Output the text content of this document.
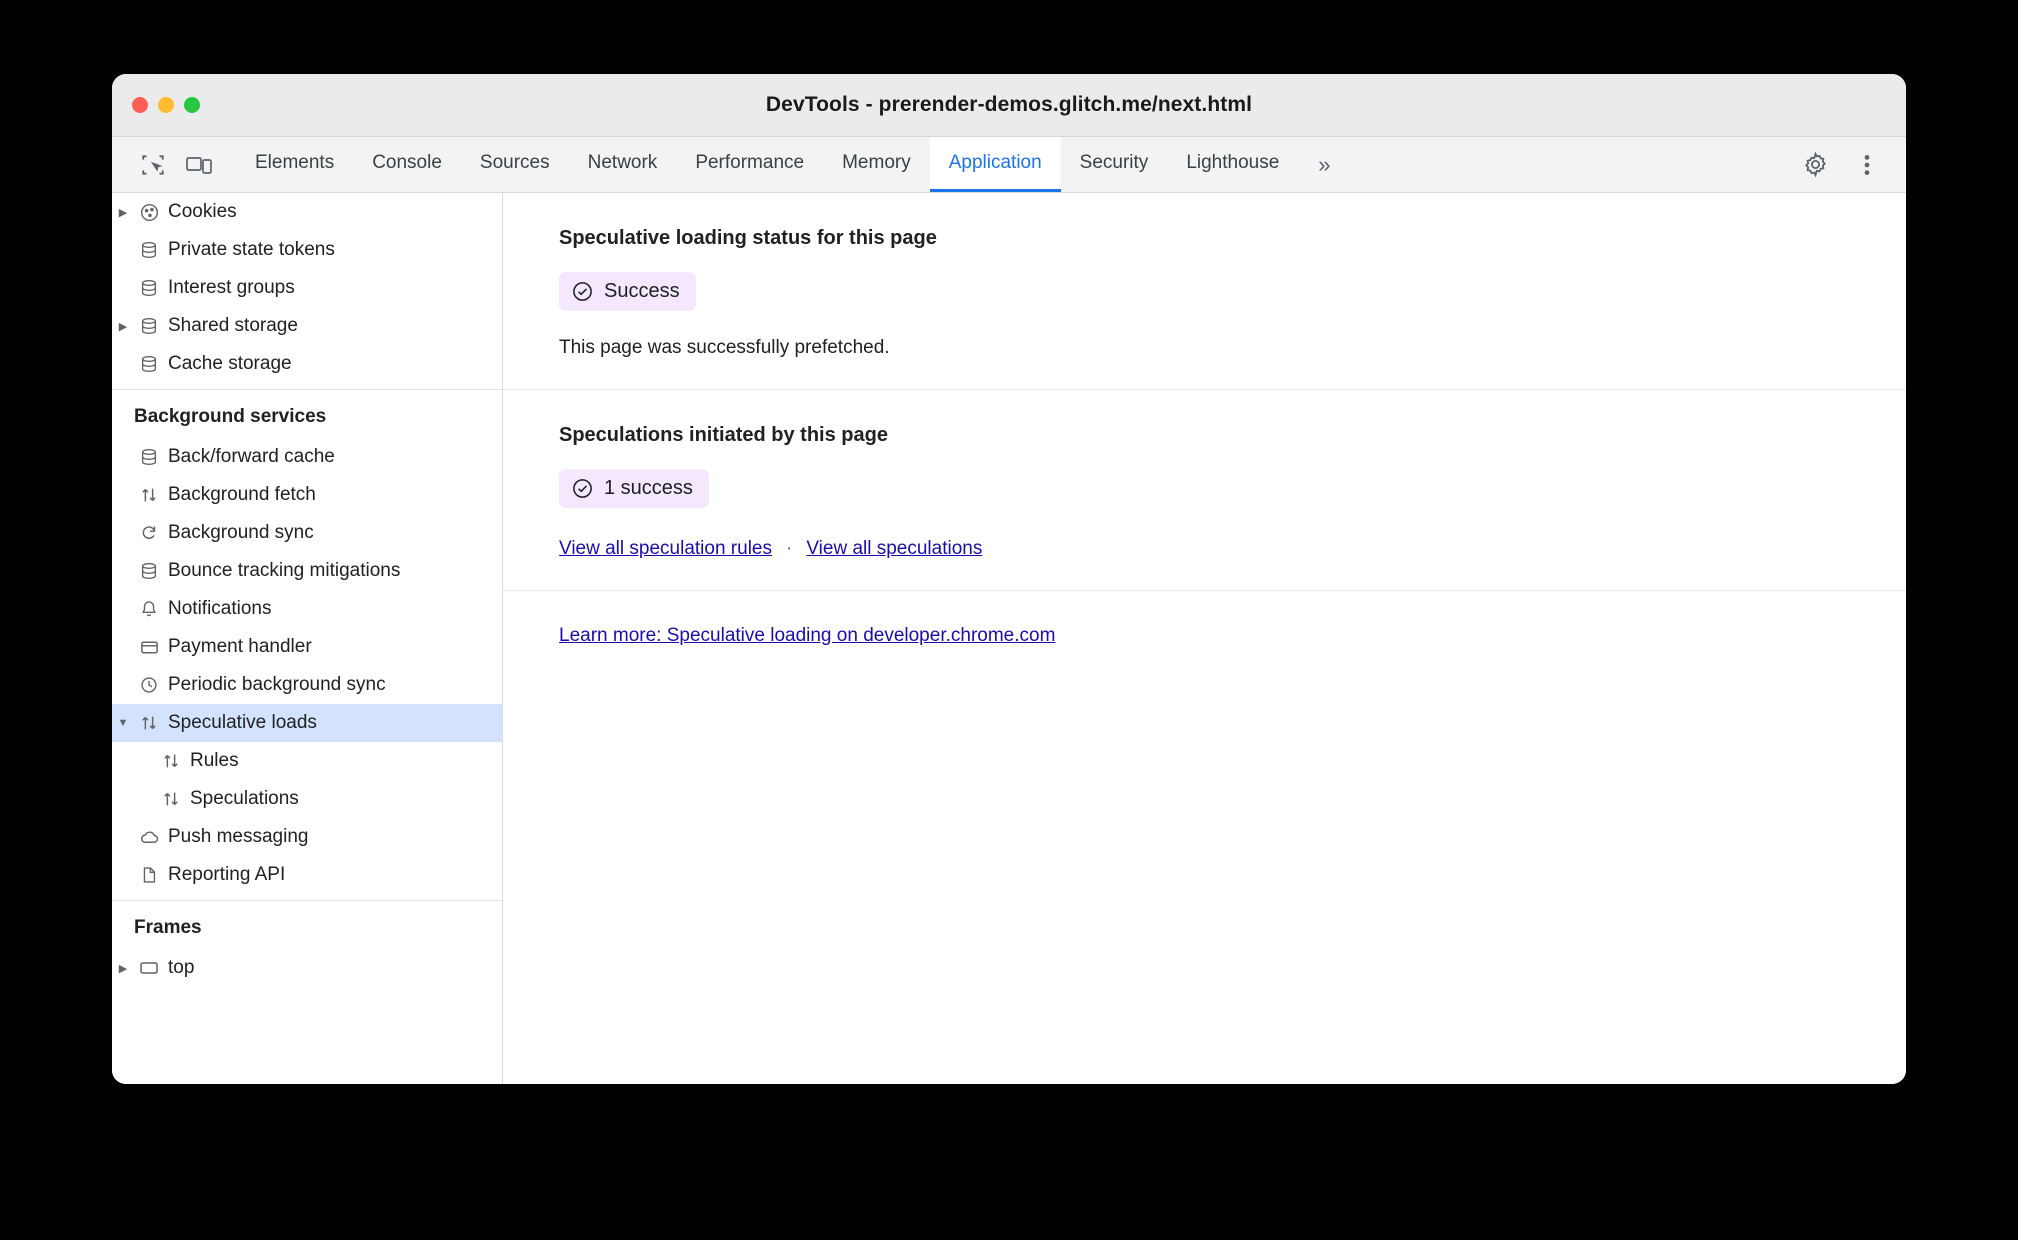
DevTools - prerender-demos.glitch.me/next.html
Elements	Console	Sources	Network	Performance	Memory	Application	Security	Lighthouse	»
▶	Cookies
Private state tokens
Interest groups
▶	Shared storage
Cache storage
Background services
Back/forward cache
Background fetch
Background sync
Bounce tracking mitigations
Notifications
Payment handler
Periodic background sync
▼ Speculative loads
Rules
Speculations
Push messaging
Reporting API
Frames
▶	top
Speculative loading status for this page
Success

This page was successfully prefetched.

Speculations initiated by this page
1 success
View all speculation rules · View all speculations
Learn more: Speculative loading on developer.chrome.com
